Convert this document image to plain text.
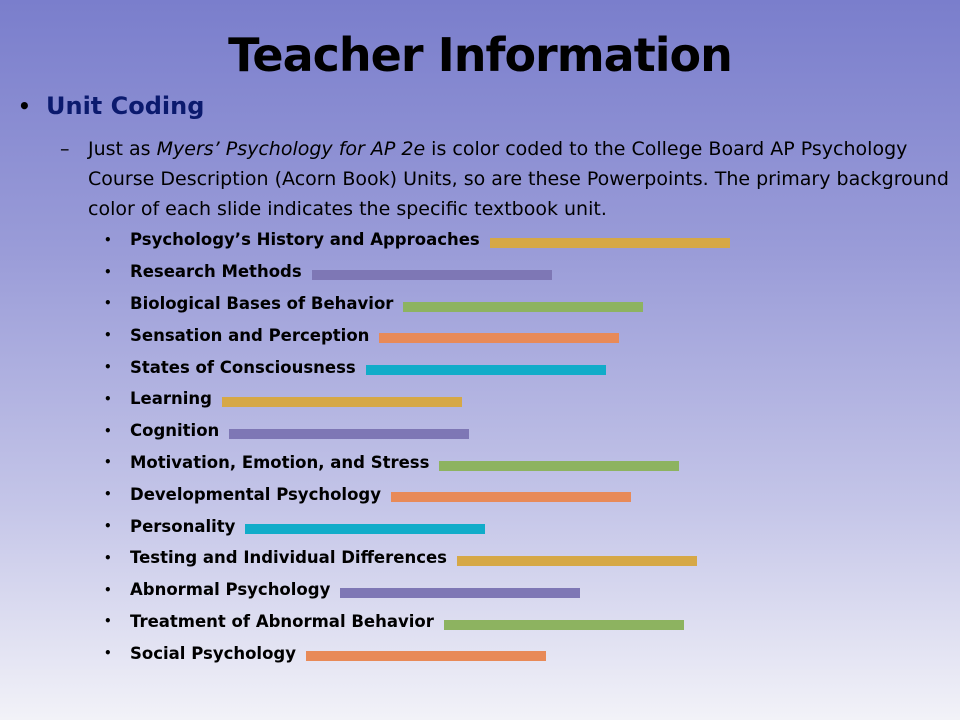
Teacher Information
• Unit Coding
– Just as Myers’ Psychology for AP 2e is color coded to the College Board AP Psychology Course Description (Acorn Book) Units, so are these Powerpoints. The primary background color of each slide indicates the specific textbook unit.
•	Psychology’s History and Approaches
•	Research Methods
•	Biological Bases of Behavior
•	Sensation and Perception
•	States of Consciousness
•	Learning
•	Cognition
•	Motivation, Emotion, and Stress
•	Developmental Psychology
•	Personality
•	Testing and Individual Differences
•	Abnormal Psychology
•	Treatment of Abnormal Behavior
•	Social Psychology
